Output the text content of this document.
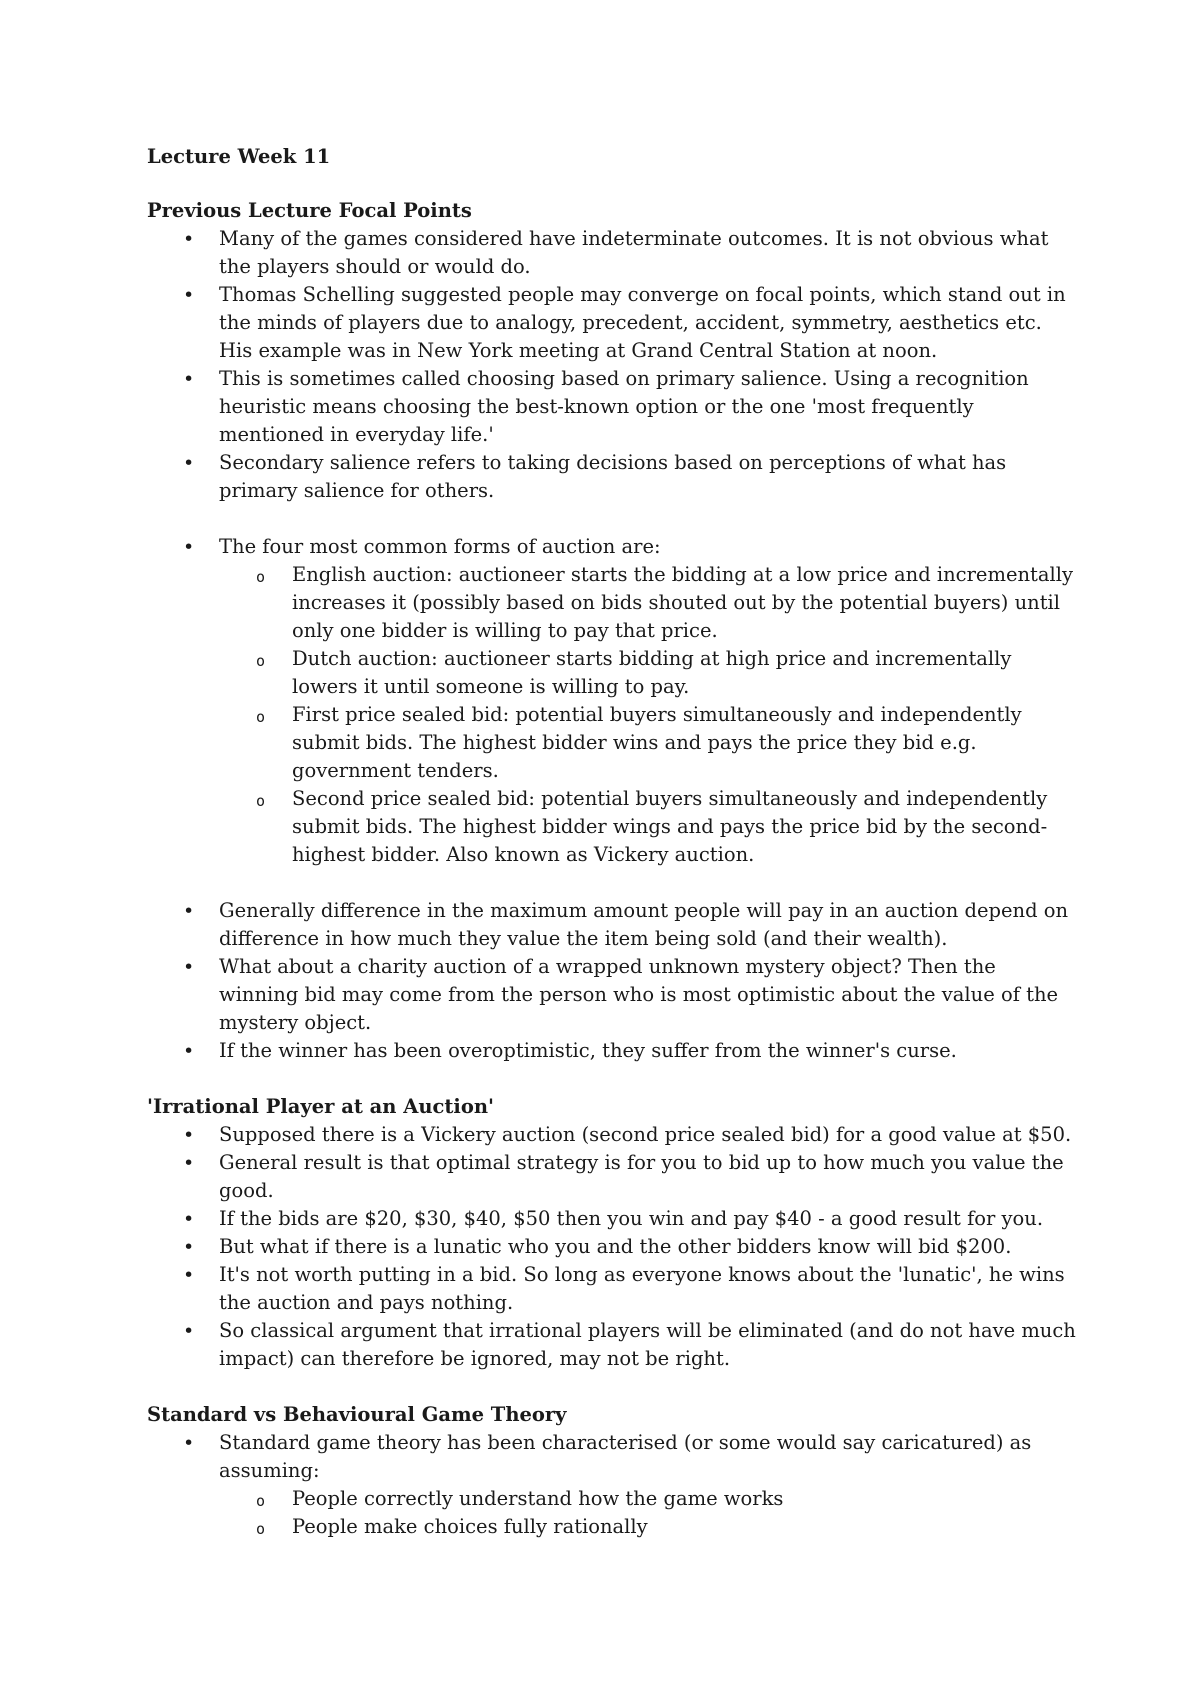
Lecture Week 11
Previous Lecture Focal Points
• Many of the games considered have indeterminate outcomes. It is not obvious what the players should or would do.
• Thomas Schelling suggested people may converge on focal points, which stand out in the minds of players due to analogy, precedent, accident, symmetry, aesthetics etc. His example was in New York meeting at Grand Central Station at noon.
• This is sometimes called choosing based on primary salience. Using a recognition heuristic means choosing the best-known option or the one 'most frequently mentioned in everyday life.'
• Secondary salience refers to taking decisions based on perceptions of what has primary salience for others.
• The four most common forms of auction are:
o English auction: auctioneer starts the bidding at a low price and incrementally increases it (possibly based on bids shouted out by the potential buyers) until only one bidder is willing to pay that price.
o Dutch auction: auctioneer starts bidding at high price and incrementally lowers it until someone is willing to pay.
o First price sealed bid: potential buyers simultaneously and independently submit bids. The highest bidder wins and pays the price they bid e.g. government tenders.
o Second price sealed bid: potential buyers simultaneously and independently submit bids. The highest bidder wings and pays the price bid by the second-highest bidder. Also known as Vickery auction.
• Generally difference in the maximum amount people will pay in an auction depend on difference in how much they value the item being sold (and their wealth).
• What about a charity auction of a wrapped unknown mystery object? Then the winning bid may come from the person who is most optimistic about the value of the mystery object.
• If the winner has been overoptimistic, they suffer from the winner's curse.
'Irrational Player at an Auction'
• Supposed there is a Vickery auction (second price sealed bid) for a good value at $50.
• General result is that optimal strategy is for you to bid up to how much you value the good.
• If the bids are $20, $30, $40, $50 then you win and pay $40 - a good result for you.
• But what if there is a lunatic who you and the other bidders know will bid $200.
• It's not worth putting in a bid. So long as everyone knows about the 'lunatic', he wins the auction and pays nothing.
• So classical argument that irrational players will be eliminated (and do not have much impact) can therefore be ignored, may not be right.
Standard vs Behavioural Game Theory
• Standard game theory has been characterised (or some would say caricatured) as assuming:
o People correctly understand how the game works
o People make choices fully rationally
